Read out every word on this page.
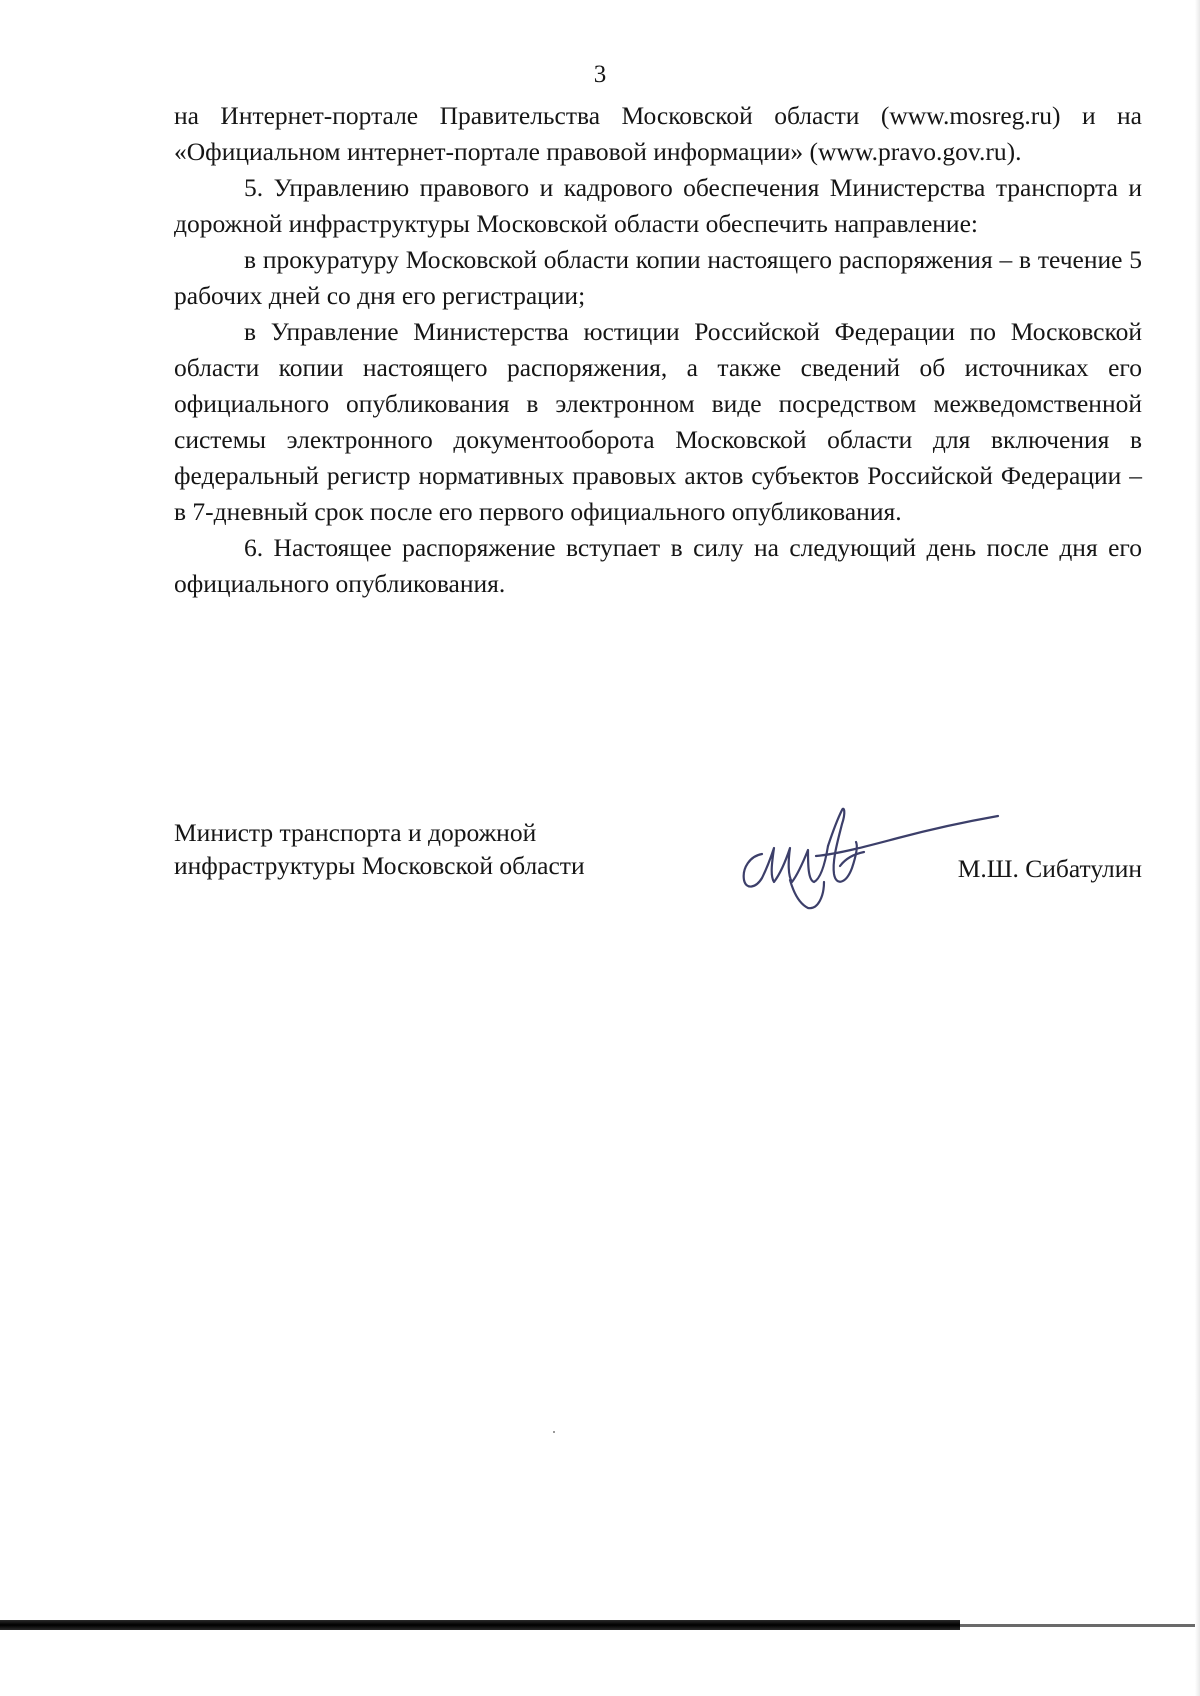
3

на Интернет-портале Правительства Московской области (www.mosreg.ru) и на «Официальном интернет-портале правовой информации» (www.pravo.gov.ru).

5. Управлению правового и кадрового обеспечения Министерства транспорта и дорожной инфраструктуры Московской области обеспечить направление:

в прокуратуру Московской области копии настоящего распоряжения – в течение 5 рабочих дней со дня его регистрации;

в Управление Министерства юстиции Российской Федерации по Московской области копии настоящего распоряжения, а также сведений об источниках его официального опубликования в электронном виде посредством межведомственной системы электронного документооборота Московской области для включения в федеральный регистр нормативных правовых актов субъектов Российской Федерации – в 7-дневный срок после его первого официального опубликования.

6. Настоящее распоряжение вступает в силу на следующий день после дня его официального опубликования.

Министр транспорта и дорожной
инфраструктуры Московской области	М.Ш. Сибатулин
